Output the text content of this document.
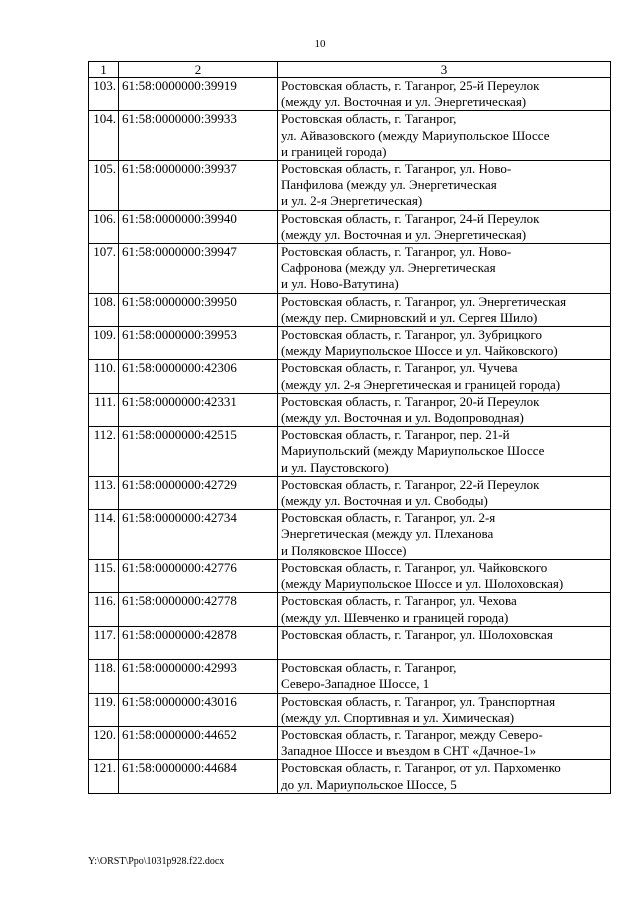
10
1	2	3
103.	61:58:0000000:39919	Ростовская область, г. Таганрог, 25-й Переулок
(между ул. Восточная и ул. Энергетическая)

104.	61:58:0000000:39933	Ростовская область, г. Таганрог,
ул. Айвазовского (между Мариупольское Шоссе
и границей города)

105.	61:58:0000000:39937	Ростовская область, г. Таганрог, ул. Ново-
Панфилова (между ул. Энергетическая
и ул. 2-я Энергетическая)

106.	61:58:0000000:39940	Ростовская область, г. Таганрог, 24-й Переулок
(между ул. Восточная и ул. Энергетическая)

107.	61:58:0000000:39947	Ростовская область, г. Таганрог, ул. Ново-
Сафронова (между ул. Энергетическая
и ул. Ново-Ватутина)

108.	61:58:0000000:39950	Ростовская область, г. Таганрог, ул. Энергетическая
(между пер. Смирновский и ул. Сергея Шило)

109.	61:58:0000000:39953	Ростовская область, г. Таганрог, ул. Зубрицкого
(между Мариупольское Шоссе и ул. Чайковского)

110.	61:58:0000000:42306	Ростовская область, г. Таганрог, ул. Чучева
(между ул. 2-я Энергетическая и границей города)

111.	61:58:0000000:42331	Ростовская область, г. Таганрог, 20-й Переулок
(между ул. Восточная и ул. Водопроводная)

112.	61:58:0000000:42515	Ростовская область, г. Таганрог, пер. 21-й
Мариупольский (между Мариупольское Шоссе
и ул. Паустовского)

113.	61:58:0000000:42729	Ростовская область, г. Таганрог, 22-й Переулок
(между ул. Восточная и ул. Свободы)

114.	61:58:0000000:42734	Ростовская область, г. Таганрог, ул. 2-я
Энергетическая (между ул. Плеханова
и Поляковское Шоссе)

115.	61:58:0000000:42776	Ростовская область, г. Таганрог, ул. Чайковского
(между Мариупольское Шоссе и ул. Шолоховская)

116.	61:58:0000000:42778	Ростовская область, г. Таганрог, ул. Чехова
(между ул. Шевченко и границей города)

117.	61:58:0000000:42878	Ростовская область, г. Таганрог, ул. Шолоховская

118.	61:58:0000000:42993	Ростовская область, г. Таганрог,
Северо-Западное Шоссе, 1

119.	61:58:0000000:43016	Ростовская область, г. Таганрог, ул. Транспортная
(между ул. Спортивная и ул. Химическая)

120.	61:58:0000000:44652	Ростовская область, г. Таганрог, между Северо-
Западное Шоссе и въездом в СНТ «Дачное-1»

121.	61:58:0000000:44684	Ростовская область, г. Таганрог, от ул. Пархоменко
до ул. Мариупольское Шоссе, 5
Y:\ORST\Ppo\1031p928.f22.docx
